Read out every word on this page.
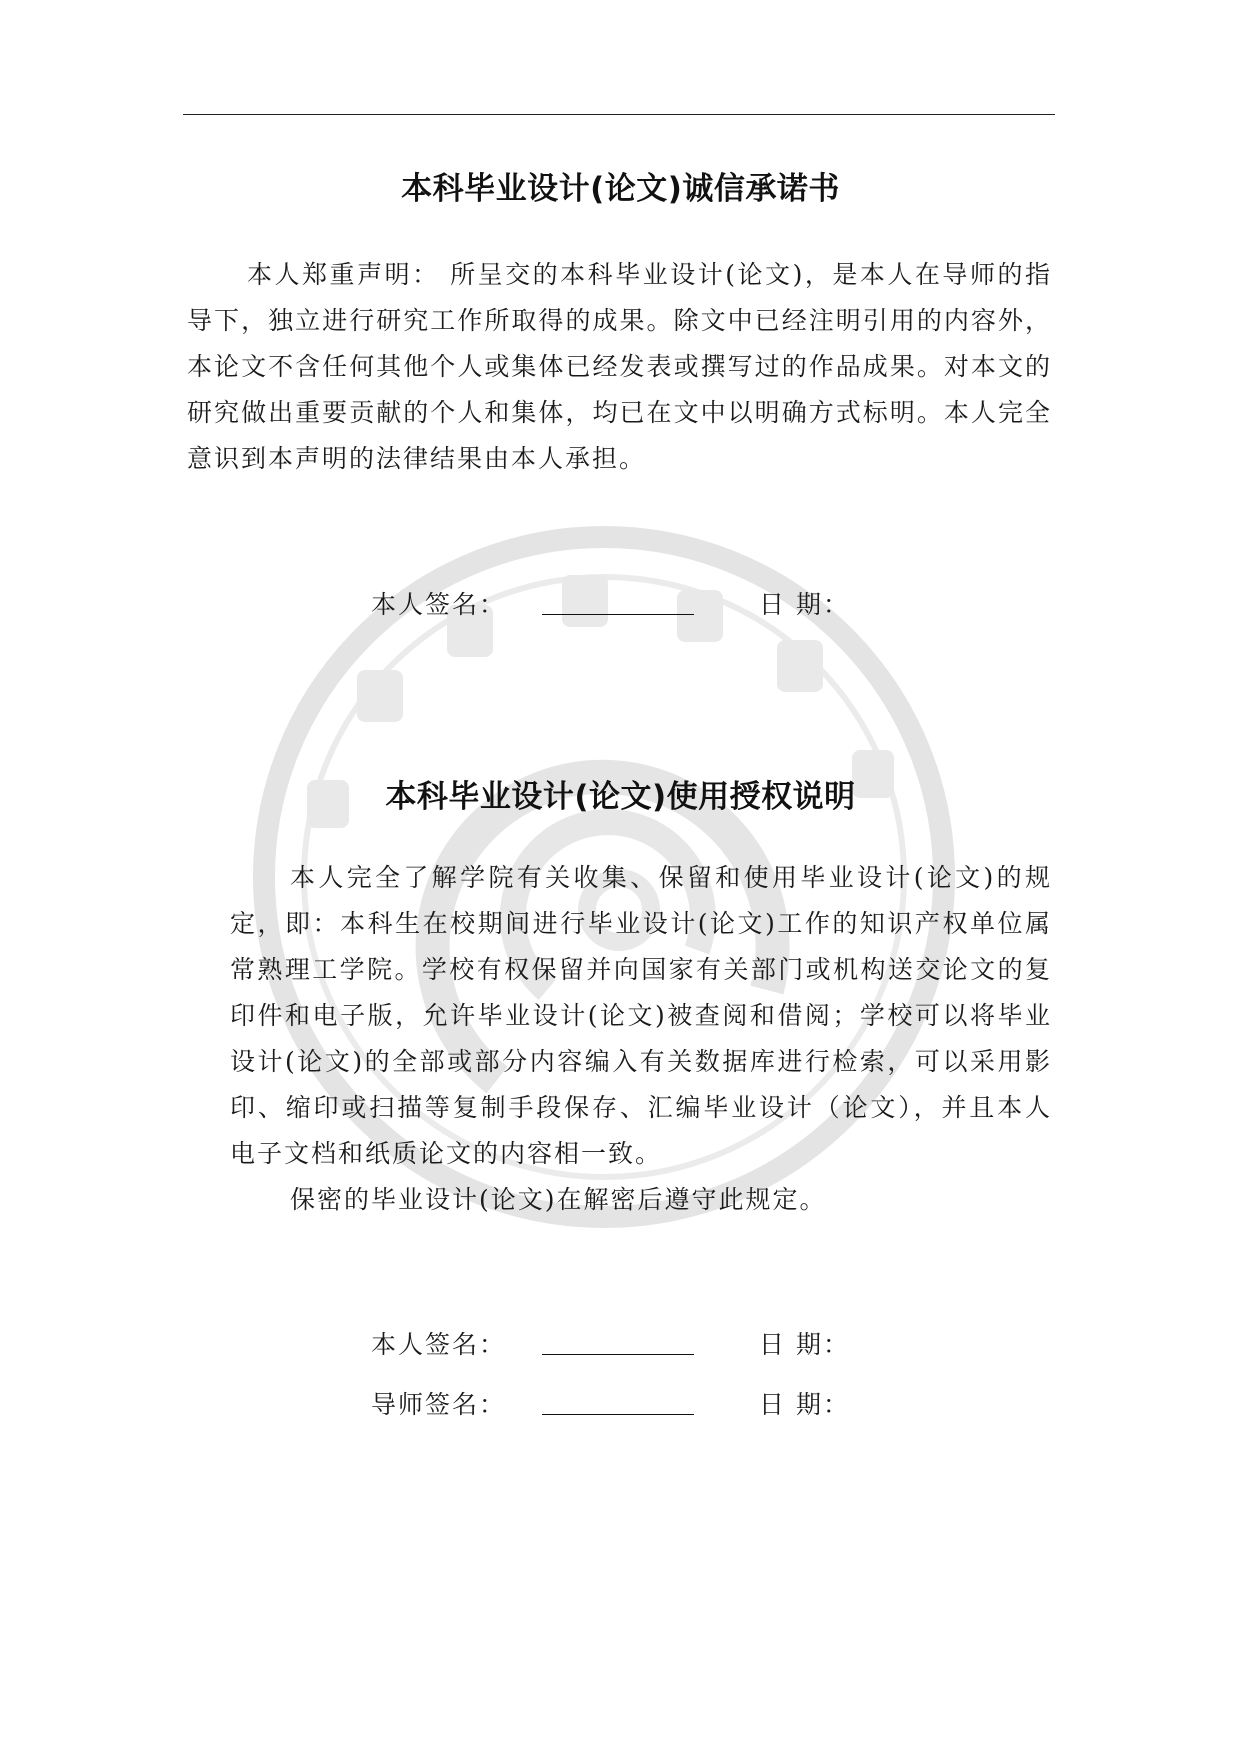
本科毕业设计(论文)诚信承诺书
本人郑重声明： 所呈交的本科毕业设计(论文)，是本人在导师的指导下，独立进行研究工作所取得的成果。除文中已经注明引用的内容外，本论文不含任何其他个人或集体已经发表或撰写过的作品成果。对本文的研究做出重要贡献的个人和集体，均已在文中以明确方式标明。本人完全意识到本声明的法律结果由本人承担。
本人签名：	日 期：
本科毕业设计(论文)使用授权说明
本人完全了解学院有关收集、保留和使用毕业设计(论文)的规定，即：本科生在校期间进行毕业设计(论文)工作的知识产权单位属常熟理工学院。学校有权保留并向国家有关部门或机构送交论文的复印件和电子版，允许毕业设计(论文)被查阅和借阅；学校可以将毕业设计(论文)的全部或部分内容编入有关数据库进行检索，可以采用影印、缩印或扫描等复制手段保存、汇编毕业设计（论文），并且本人电子文档和纸质论文的内容相一致。
保密的毕业设计(论文)在解密后遵守此规定。
本人签名：	日 期：
导师签名：	日 期：
